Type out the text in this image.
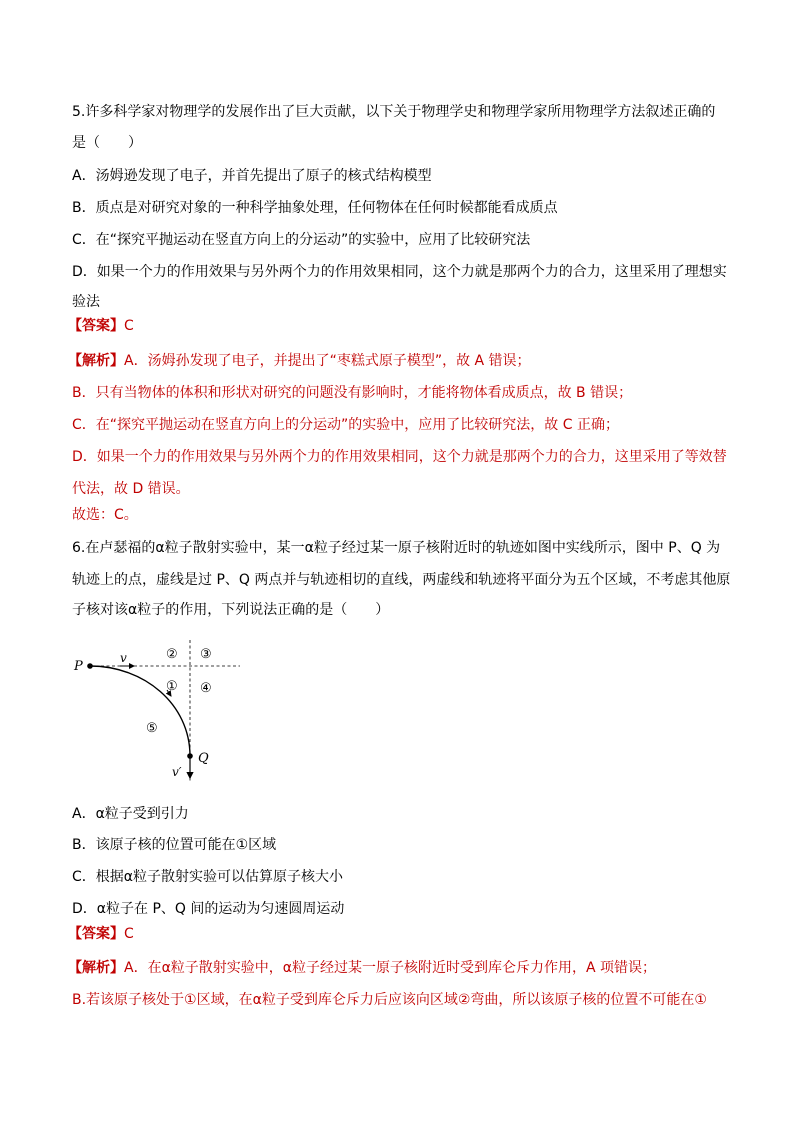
5.许多科学家对物理学的发展作出了巨大贡献，以下关于物理学史和物理学家所用物理学方法叙述正确的
是（　　）
A．汤姆逊发现了电子，并首先提出了原子的核式结构模型
B．质点是对研究对象的一种科学抽象处理，任何物体在任何时候都能看成质点
C．在“探究平抛运动在竖直方向上的分运动”的实验中，应用了比较研究法
D．如果一个力的作用效果与另外两个力的作用效果相同，这个力就是那两个力的合力，这里采用了理想实
验法
【答案】C
【解析】A．汤姆孙发现了电子，并提出了“枣糕式原子模型”，故 A 错误；
B．只有当物体的体积和形状对研究的问题没有影响时，才能将物体看成质点，故 B 错误；
C．在“探究平抛运动在竖直方向上的分运动”的实验中，应用了比较研究法，故 C 正确；
D．如果一个力的作用效果与另外两个力的作用效果相同，这个力就是那两个力的合力，这里采用了等效替
代法，故 D 错误。
故选：C。
6.在卢瑟福的α粒子散射实验中，某一α粒子经过某一原子核附近时的轨迹如图中实线所示，图中 P、Q 为
轨迹上的点，虚线是过 P、Q 两点并与轨迹相切的直线，两虚线和轨迹将平面分为五个区域，不考虑其他原
子核对该α粒子的作用，下列说法正确的是（　　）
P
Q
v
v′
② ③
① ④
⑤
A．α粒子受到引力
B．该原子核的位置可能在①区域
C．根据α粒子散射实验可以估算原子核大小
D．α粒子在 P、Q 间的运动为匀速圆周运动
【答案】C
【解析】A．在α粒子散射实验中，α粒子经过某一原子核附近时受到库仑斥力作用，A 项错误；
B.若该原子核处于①区域，在α粒子受到库仑斥力后应该向区域②弯曲，所以该原子核的位置不可能在①
